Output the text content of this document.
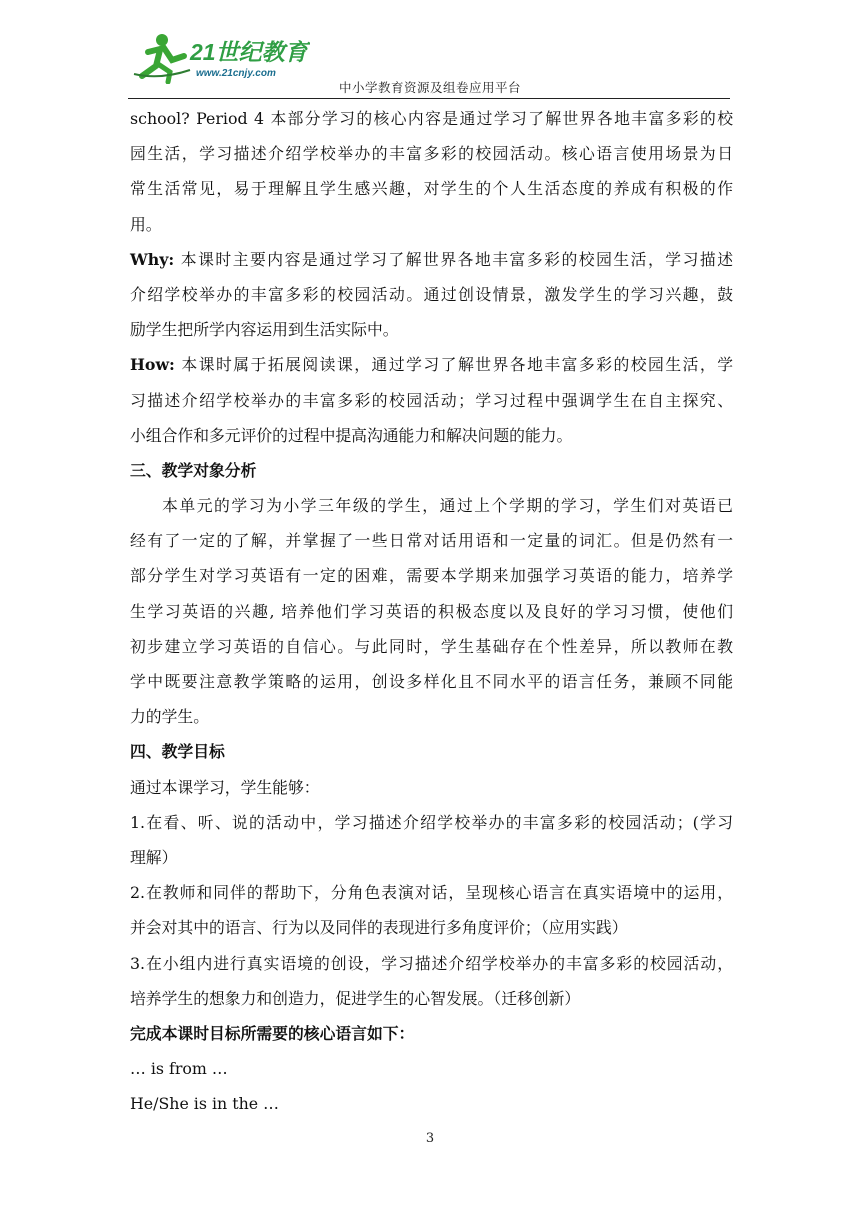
21世纪教育
www.21cnjy.com
中小学教育资源及组卷应用平台
school? Period 4 本部分学习的核心内容是通过学习了解世界各地丰富多彩的校
园生活，学习描述介绍学校举办的丰富多彩的校园活动。核心语言使用场景为日
常生活常见，易于理解且学生感兴趣，对学生的个人生活态度的养成有积极的作
用。
Why: 本课时主要内容是通过学习了解世界各地丰富多彩的校园生活，学习描述
介绍学校举办的丰富多彩的校园活动。通过创设情景，激发学生的学习兴趣，鼓
励学生把所学内容运用到生活实际中。
How: 本课时属于拓展阅读课，通过学习了解世界各地丰富多彩的校园生活，学
习描述介绍学校举办的丰富多彩的校园活动；学习过程中强调学生在自主探究、
小组合作和多元评价的过程中提高沟通能力和解决问题的能力。
三、教学对象分析
本单元的学习为小学三年级的学生，通过上个学期的学习，学生们对英语已
经有了一定的了解，并掌握了一些日常对话用语和一定量的词汇。但是仍然有一
部分学生对学习英语有一定的困难，需要本学期来加强学习英语的能力，培养学
生学习英语的兴趣, 培养他们学习英语的积极态度以及良好的学习习惯，使他们
初步建立学习英语的自信心。与此同时，学生基础存在个性差异，所以教师在教
学中既要注意教学策略的运用，创设多样化且不同水平的语言任务，兼顾不同能
力的学生。
四、教学目标
通过本课学习，学生能够：
1.在看、听、说的活动中，学习描述介绍学校举办的丰富多彩的校园活动；(学习
理解）
2.在教师和同伴的帮助下，分角色表演对话，呈现核心语言在真实语境中的运用，
并会对其中的语言、行为以及同伴的表现进行多角度评价；（应用实践）
3.在小组内进行真实语境的创设，学习描述介绍学校举办的丰富多彩的校园活动，
培养学生的想象力和创造力，促进学生的心智发展。（迁移创新）
完成本课时目标所需要的核心语言如下：
… is from …
He/She is in the …
3
